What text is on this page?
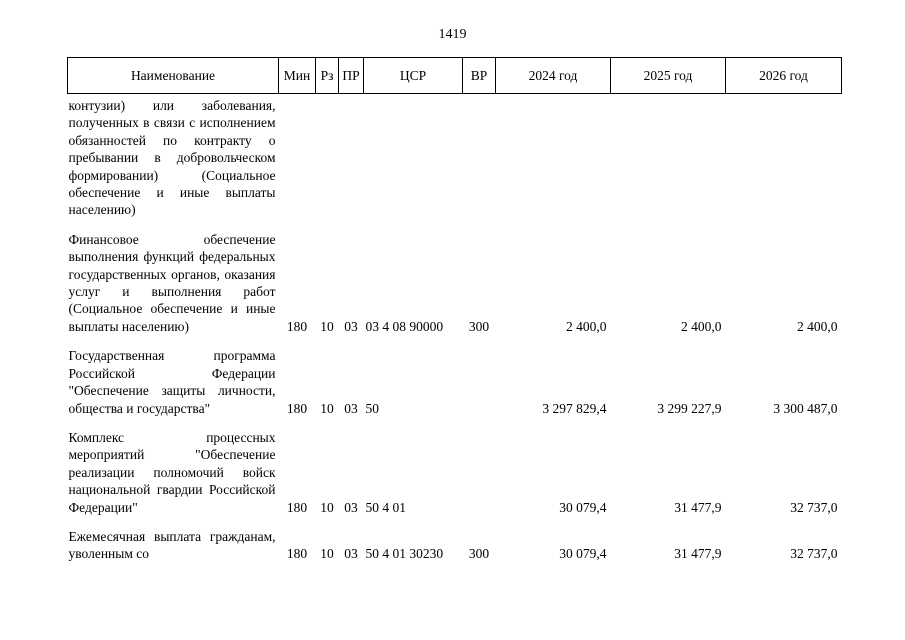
1419
Наименование	Мин	Рз	ПР	ЦСР	ВР	2024 год	2025 год	2026 год
контузии) или заболевания, полученных в связи с исполнением обязанностей по контракту о пребывании в добровольческом формировании) (Социальное обеспечение и иные выплаты населению)								
Финансовое обеспечение выполнения функций федеральных государственных органов, оказания услуг и выполнения работ (Социальное обеспечение и иные выплаты населению)	180	10	03	03 4 08 90000	300	2 400,0	2 400,0	2 400,0
Государственная программа Российской Федерации "Обеспечение защиты личности, общества и государства"	180	10	03	50		3 297 829,4	3 299 227,9	3 300 487,0
Комплекс процессных мероприятий "Обеспечение реализации полномочий войск национальной гвардии Российской Федерации"	180	10	03	50 4 01		30 079,4	31 477,9	32 737,0
Ежемесячная выплата гражданам, уволенным со	180	10	03	50 4 01 30230	300	30 079,4	31 477,9	32 737,0
